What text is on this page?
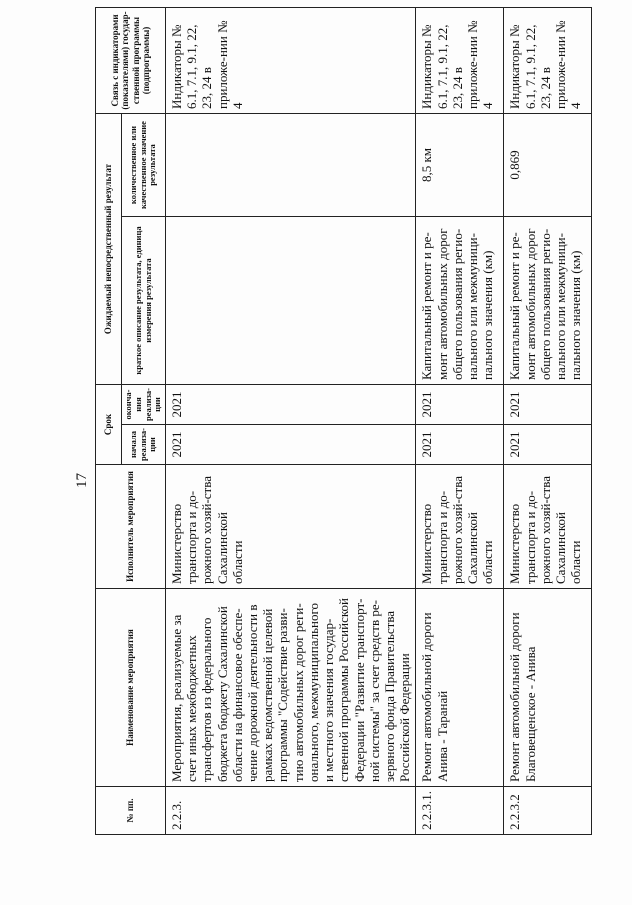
17
№ пп.	Наименование мероприятия	Исполнитель мероприятия	Срок		Ожидаемый непосредственный результат		Связь с индикаторами (показателями) государ-ственной программы (подпрограммы)
			начала реализа-ции	оконча-ния реализа-ции	краткое описание результата, единица измерения результата	количественное или качественное значение результата	
2.2.3.	Мероприятия, реализуемые за счет иных межбюджетных трансфертов из федерального бюджета бюджету Сахалинской области на финансовое обеспе-чение дорожной деятельности в рамках ведомственной целевой программы "Содействие разви-тию автомобильных дорог реги-онального, межмуниципального и местного значения государ-ственной программы Российской Федерации "Развитие транспорт-ной системы" за счет средств ре-зервного фонда Правительства Российской Федерации	Министерство транспорта и до-рожного хозяй-ства Сахалинской области	2021	2021			Индикаторы № 6.1, 7.1, 9.1, 22, 23, 24 в приложе-нии № 4
2.2.3.1.	Ремонт автомобильной дороги Анива - Таранай	Министерство транспорта и до-рожного хозяй-ства Сахалинской области	2021	2021	Капитальный ремонт и ре-монт автомобильных дорог общего пользования регио-нального или межмуници-пального значения (км)	8,5 км	Индикаторы № 6.1, 7.1, 9.1, 22, 23, 24 в приложе-нии № 4
2.2.3.2	Ремонт автомобильной дороги Благовещенское - Анива	Министерство транспорта и до-рожного хозяй-ства Сахалинской области	2021	2021	Капитальный ремонт и ре-монт автомобильных дорог общего пользования регио-нального или межмуници-пального значения (км)	0,869	Индикаторы № 6.1, 7.1, 9.1, 22, 23, 24 в приложе-нии № 4
